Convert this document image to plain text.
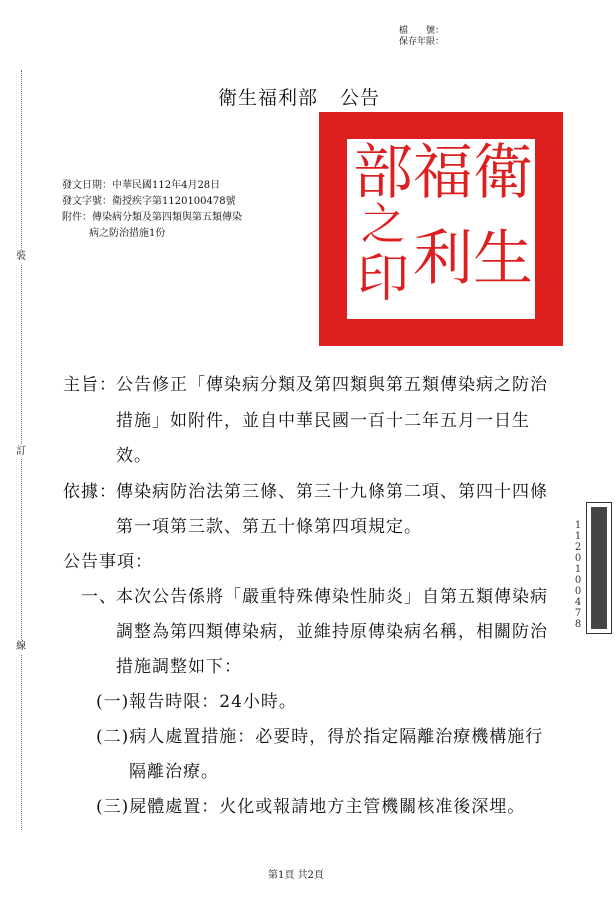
檔　　號：
保存年限：
裝
訂
線
衛生福利部 公告
發文日期：中華民國112年4月28日
發文字號：衛授疾字第1120100478號
附件：傳染病分類及第四類與第五類傳染
病之防治措施1份
衛
生
福
利
部
之
印
主旨： 公告修正「傳染病分類及第四類與第五類傳染病之防治
措施」如附件，並自中華民國一百十二年五月一日生
效。
依據： 傳染病防治法第三條、第三十九條第二項、第四十四條
第一項第三款、第五十條第四項規定。
公告事項：
一、 本次公告係將「嚴重特殊傳染性肺炎」自第五類傳染病
調整為第四類傳染病，並維持原傳染病名稱，相關防治
措施調整如下：
(一)報告時限：24小時。
(二)病人處置措施：必要時，得於指定隔離治療機構施行
隔離治療。
(三)屍體處置：火化或報請地方主管機關核准後深埋。
1120100478
第1頁 共2頁
